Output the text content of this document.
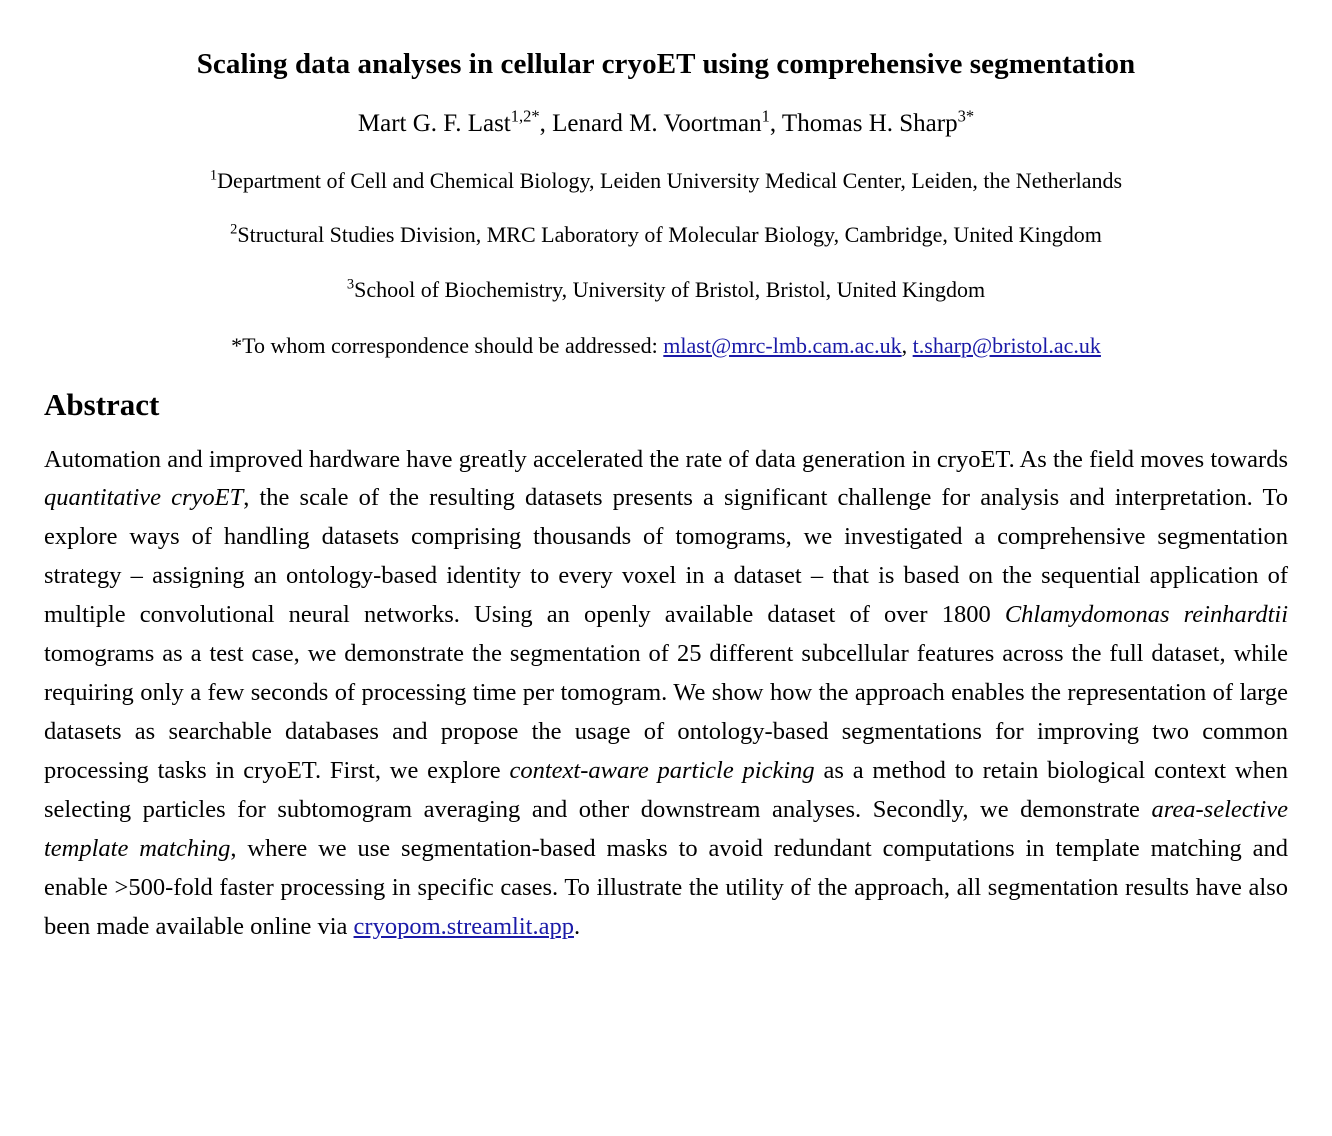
Scaling data analyses in cellular cryoET using comprehensive segmentation
Mart G. F. Last$^{1,2*}$, Lenard M. Voortman$^1$, Thomas H. Sharp$^{3*}$
$^1$Department of Cell and Chemical Biology, Leiden University Medical Center, Leiden, the Netherlands
$^2$Structural Studies Division, MRC Laboratory of Molecular Biology, Cambridge, United Kingdom
$^3$School of Biochemistry, University of Bristol, Bristol, United Kingdom
*To whom correspondence should be addressed: mlast@mrc-lmb.cam.ac.uk, t.sharp@bristol.ac.uk
Abstract
Automation and improved hardware have greatly accelerated the rate of data generation in cryoET. As the field moves towards quantitative cryoET, the scale of the resulting datasets presents a significant challenge for analysis and interpretation. To explore ways of handling datasets comprising thousands of tomograms, we investigated a comprehensive segmentation strategy – assigning an ontology-based identity to every voxel in a dataset – that is based on the sequential application of multiple convolutional neural networks. Using an openly available dataset of over 1800 Chlamydomonas reinhardtii tomograms as a test case, we demonstrate the segmentation of 25 different subcellular features across the full dataset, while requiring only a few seconds of processing time per tomogram. We show how the approach enables the representation of large datasets as searchable databases and propose the usage of ontology-based segmentations for improving two common processing tasks in cryoET. First, we explore context-aware particle picking as a method to retain biological context when selecting particles for subtomogram averaging and other downstream analyses. Secondly, we demonstrate area-selective template matching, where we use segmentation-based masks to avoid redundant computations in template matching and enable >500-fold faster processing in specific cases. To illustrate the utility of the approach, all segmentation results have also been made available online via cryopom.streamlit.app.
